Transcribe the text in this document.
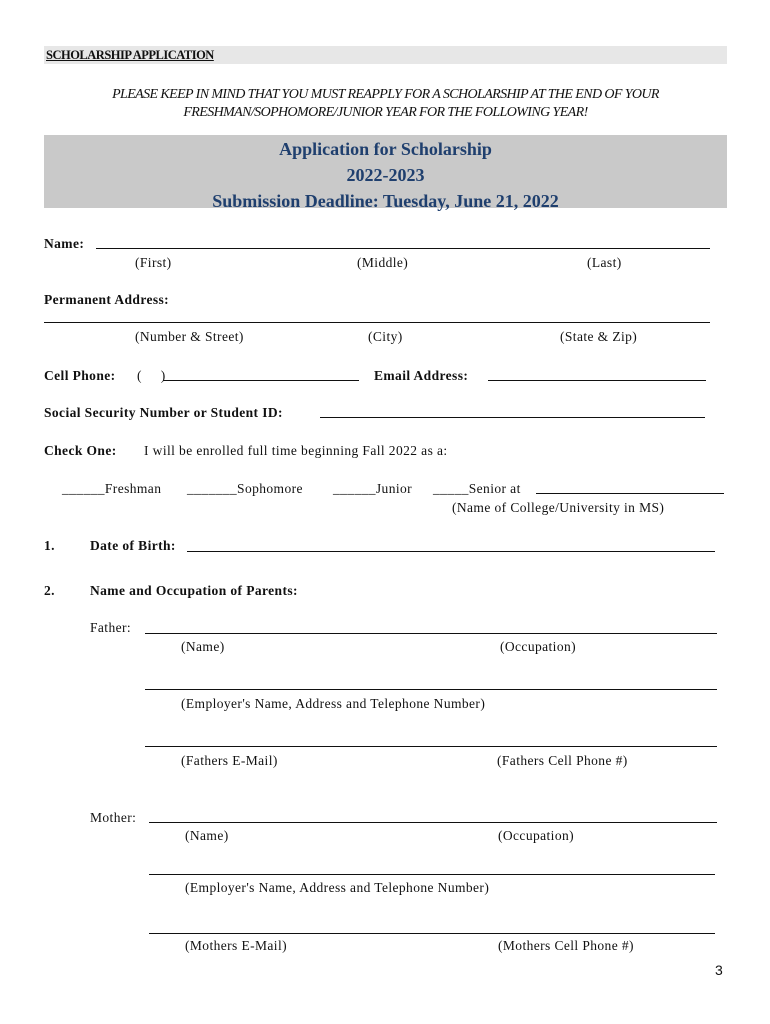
SCHOLARSHIP APPLICATION
PLEASE KEEP IN MIND THAT YOU MUST REAPPLY FOR A SCHOLARSHIP AT THE END OF YOUR
FRESHMAN/SOPHOMORE/JUNIOR YEAR FOR THE FOLLOWING YEAR!
Application for Scholarship
2022-2023
Submission Deadline: Tuesday, June 21, 2022
Name:
(First)	(Middle)	(Last)
Permanent Address:
(Number & Street)	(City)	(State & Zip)
Cell Phone: (     )	Email Address:
Social Security Number or Student ID:
Check One: I will be enrolled full time beginning Fall 2022 as a:
______Freshman _______Sophomore ______Junior _____Senior at
(Name of College/University in MS)
1.	Date of Birth:
2.	Name and Occupation of Parents:
Father:
(Name)	(Occupation)
(Employer's Name, Address and Telephone Number)
(Fathers E-Mail)	(Fathers Cell Phone #)
Mother:
(Name)	(Occupation)
(Employer's Name, Address and Telephone Number)
(Mothers E-Mail)	(Mothers Cell Phone #)
3
